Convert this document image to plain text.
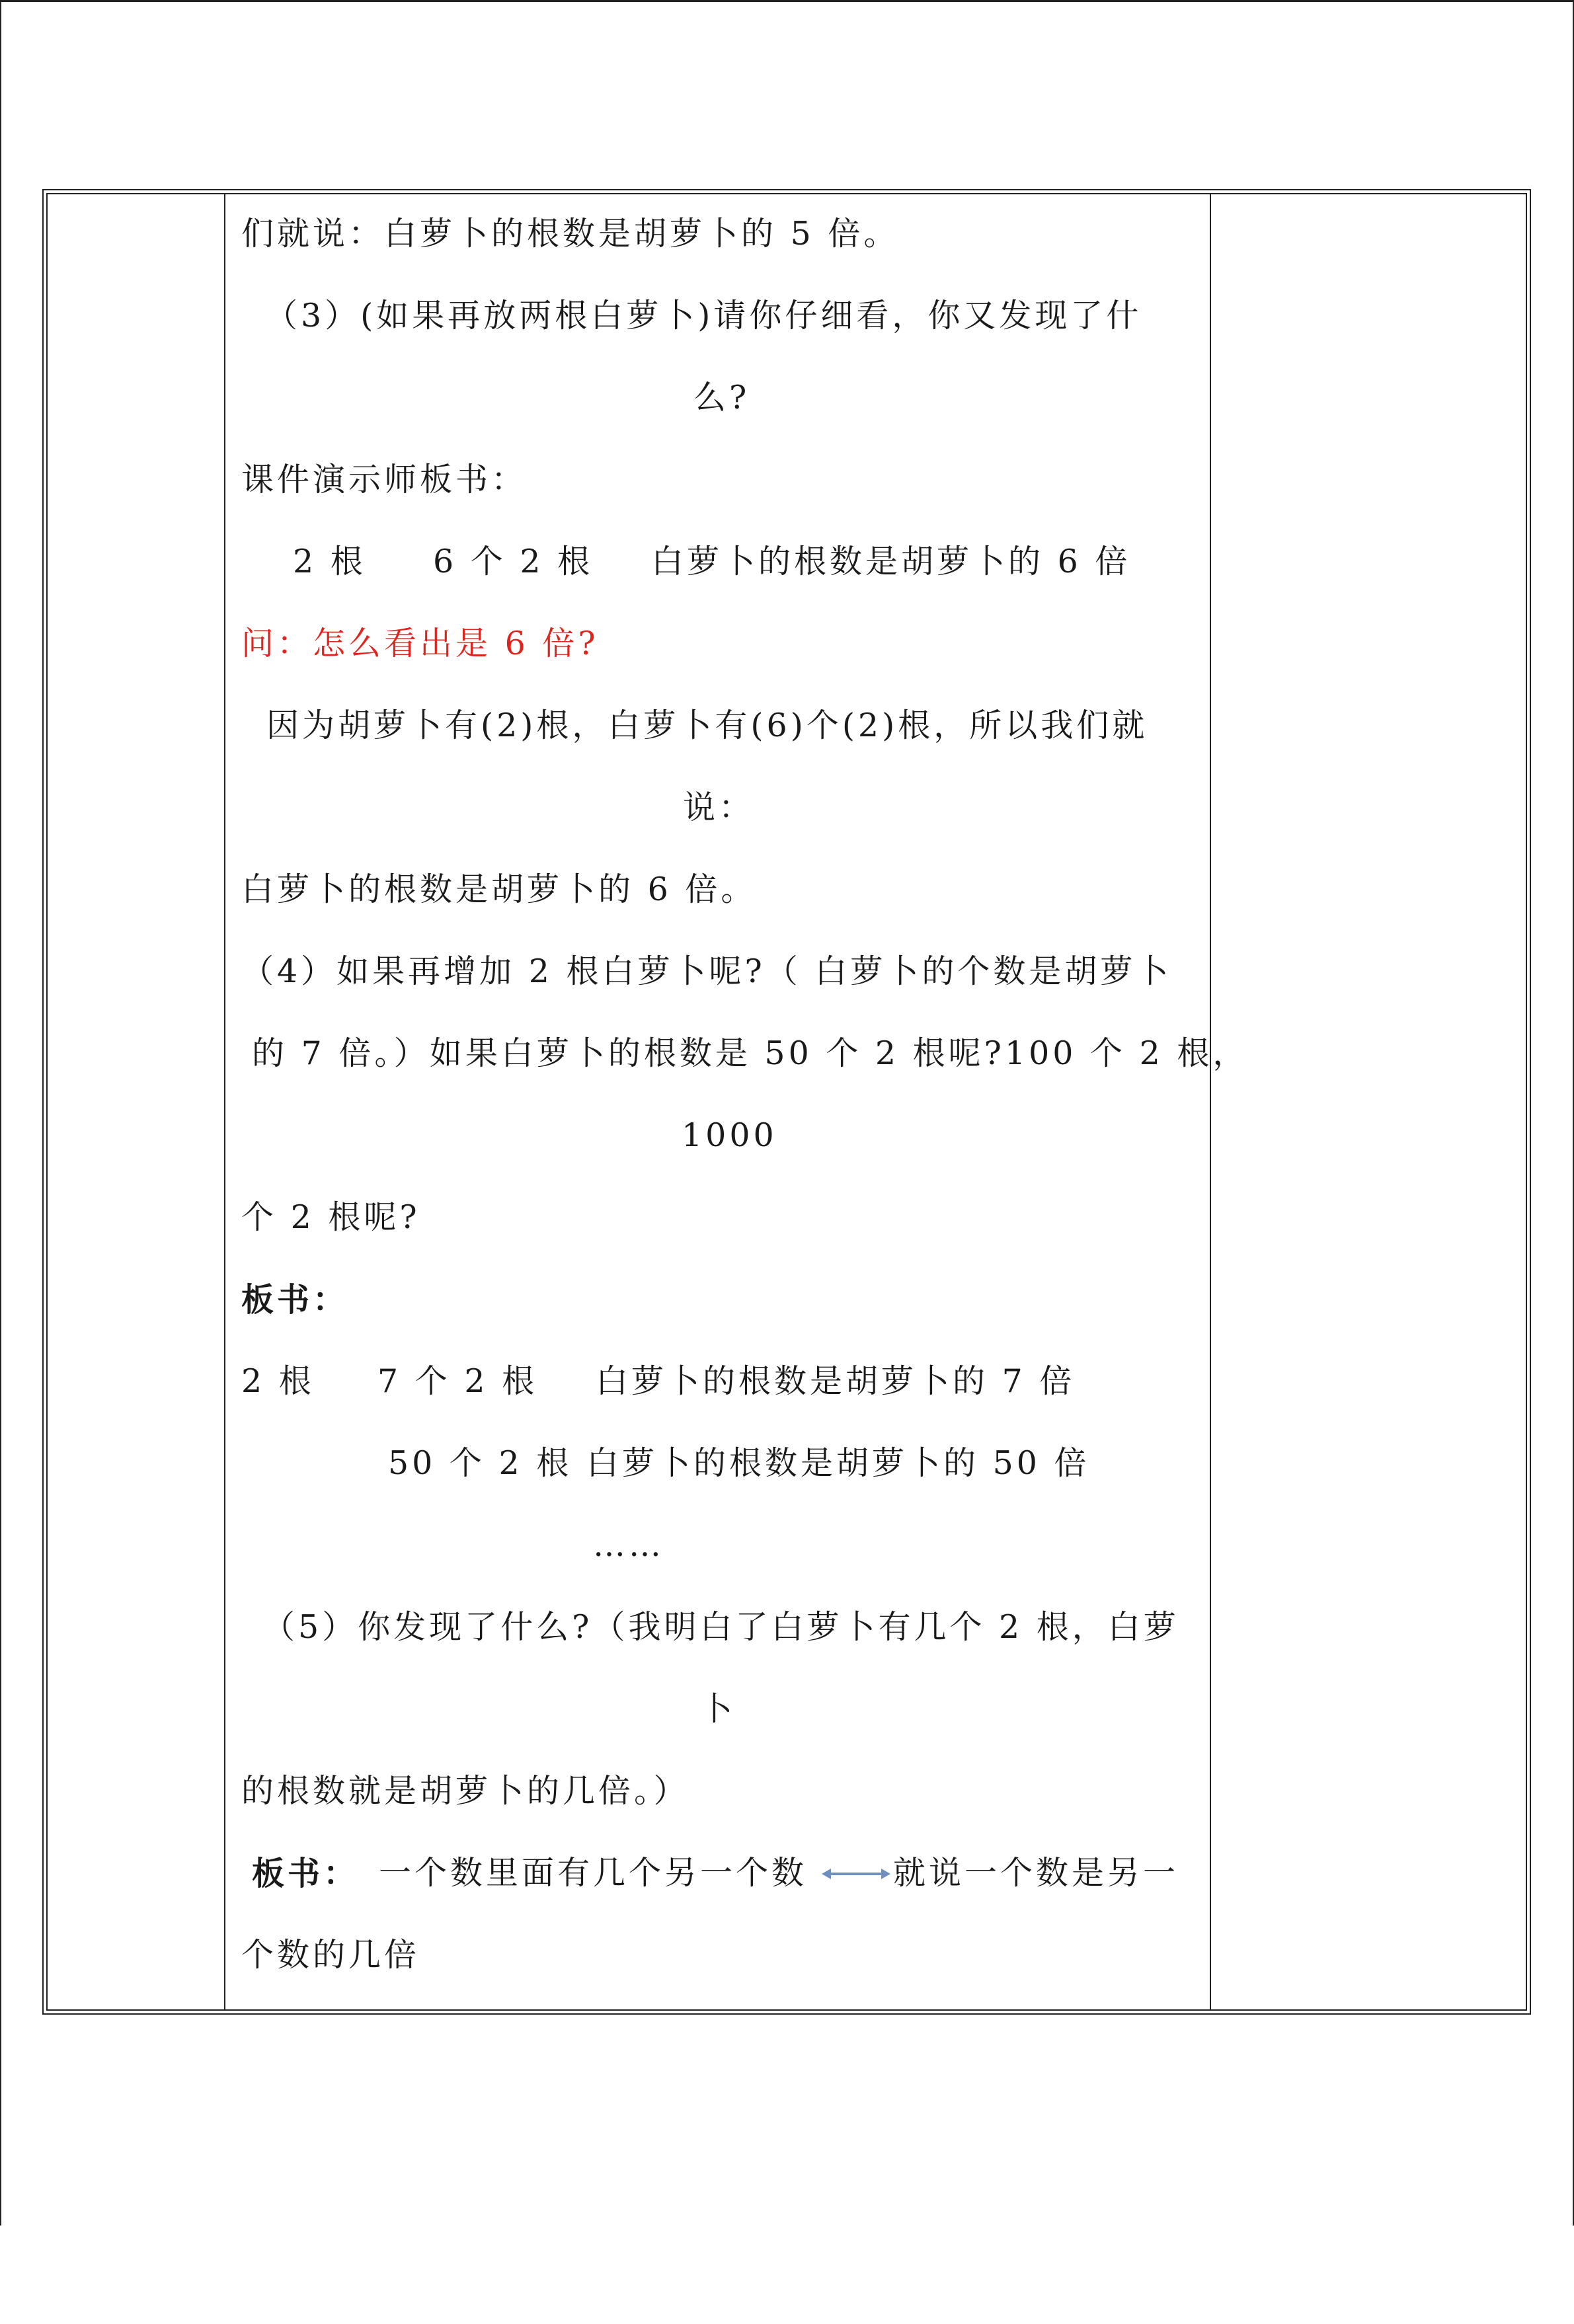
们就说：白萝卜的根数是胡萝卜的 5 倍。

（3）(如果再放两根白萝卜)请你仔细看，你又发现了什

么?

课件演示师板书：

2 根

6 个 2 根

白萝卜的根数是胡萝卜的 6 倍

问：怎么看出是 6 倍?

因为胡萝卜有(2)根，白萝卜有(6)个(2)根，所以我们就

说：

白萝卜的根数是胡萝卜的 6 倍。

（4）如果再增加 2 根白萝卜呢?（ 白萝卜的个数是胡萝卜

的 7 倍。）如果白萝卜的根数是 50 个 2 根呢?100 个 2 根，

1000

个 2 根呢?

板书：

2 根

7 个 2 根

白萝卜的根数是胡萝卜的 7 倍

50 个 2 根

白萝卜的根数是胡萝卜的 50 倍

……

（5）你发现了什么?（我明白了白萝卜有几个 2 根，白萝

卜

的根数就是胡萝卜的几倍。）

板书：

一个数里面有几个另一个数

	就说一个数是另一

个数的几倍
